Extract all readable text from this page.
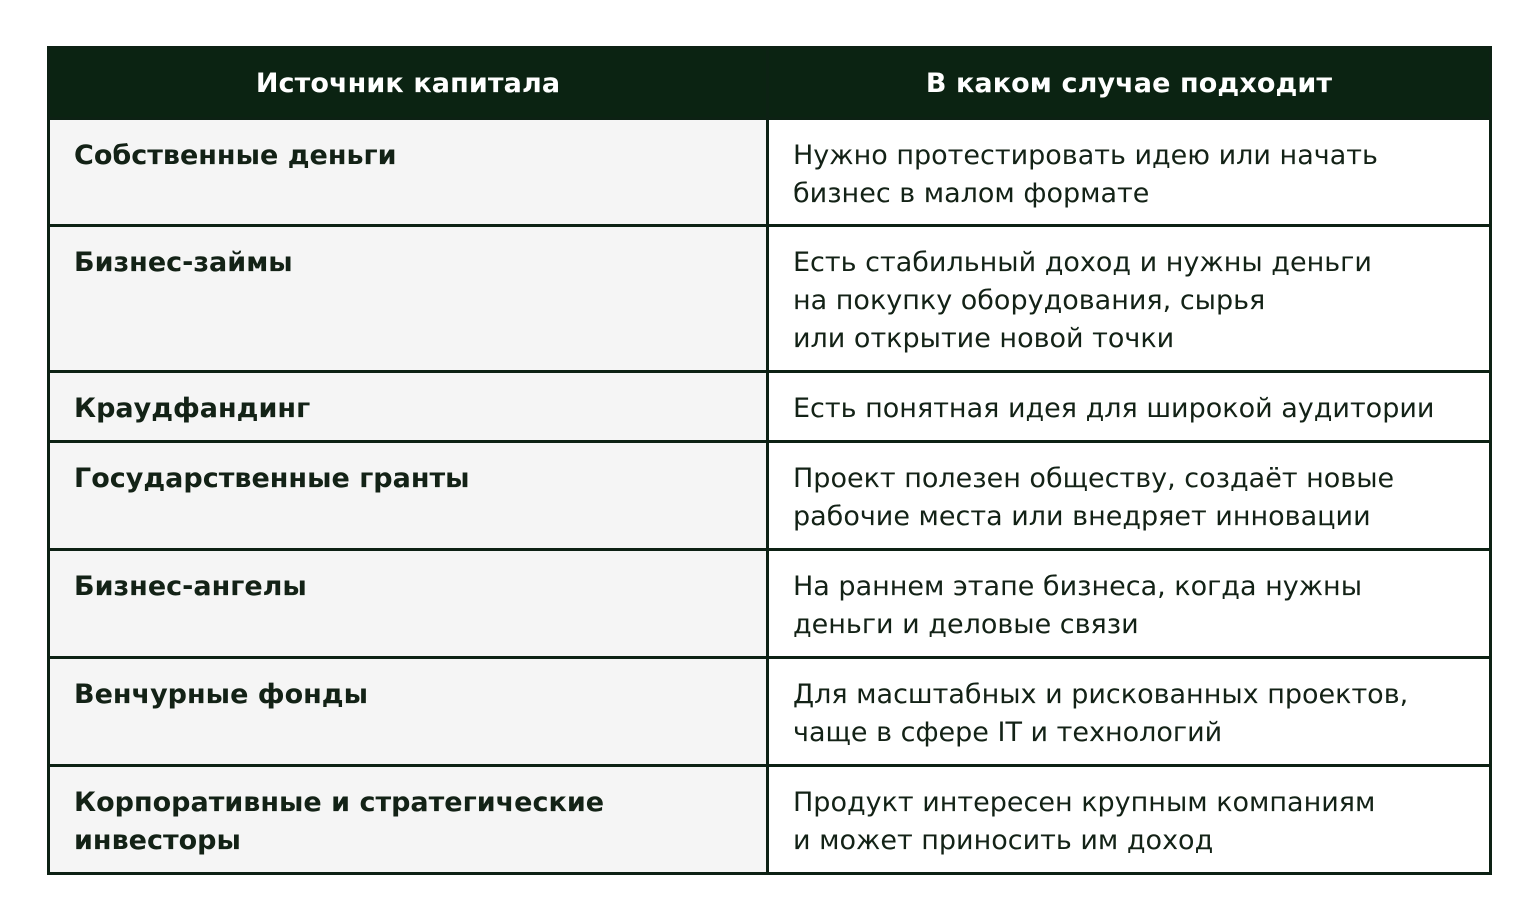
Источник капитала	В каком случае подходит

Собственные деньги	Нужно протестировать идею или начать
бизнес в малом формате

Бизнес-займы	Есть стабильный доход и нужны деньги
на покупку оборудования, сырья
или открытие новой точки

Краудфандинг	Есть понятная идея для широкой аудитории

Государственные гранты	Проект полезен обществу, создаёт новые
рабочие места или внедряет инновации

Бизнес-ангелы	На раннем этапе бизнеса, когда нужны
деньги и деловые связи

Венчурные фонды	Для масштабных и рискованных проектов,
чаще в сфере IT и технологий

Корпоративные и стратегические
инвесторы	Продукт интересен крупным компаниям
и может приносить им доход
